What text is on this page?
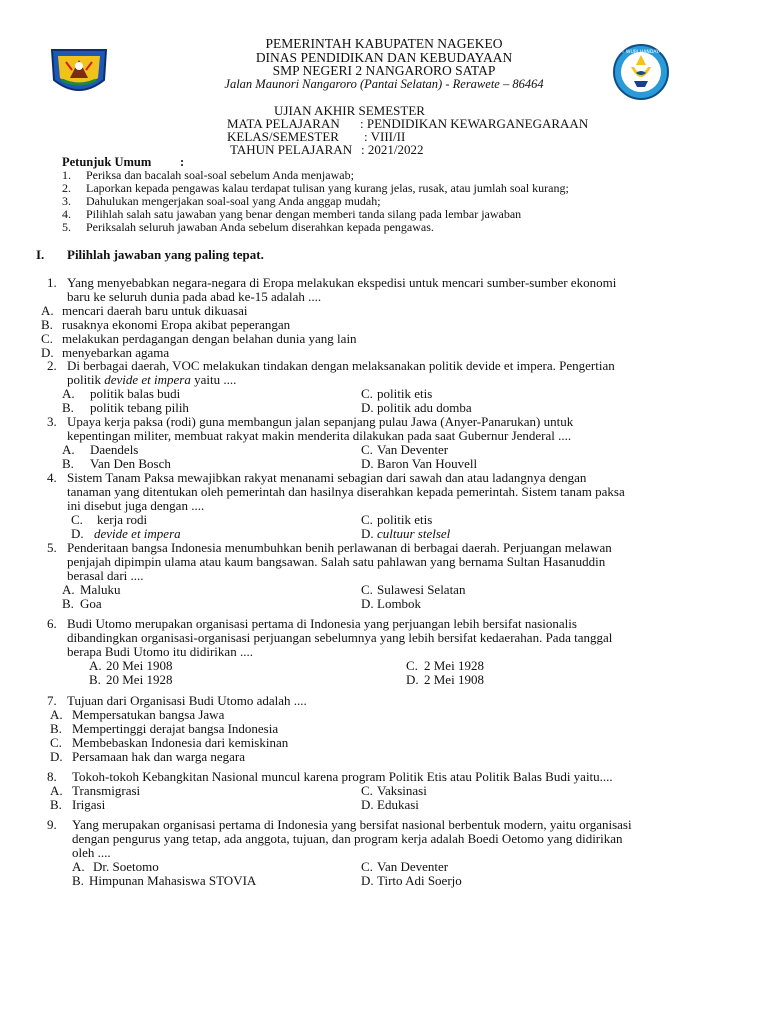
TUT WURI HANDAYANI
PEMERINTAH KABUPATEN NAGEKEO
DINAS PENDIDIKAN DAN KEBUDAYAAN
SMP NEGERI 2 NANGARORO SATAP
Jalan Maunori Nangaroro (Pantai Selatan) - Rerawete – 86464
UJIAN AKHIR SEMESTER
MATA PELAJARAN : PENDIDIKAN KEWARGANEGARAAN
KELAS/SEMESTER : VIII/II
TAHUN PELAJARAN : 2021/2022
Petunjuk Umum :
1. Periksa dan bacalah soal-soal sebelum Anda menjawab;
2. Laporkan kepada pengawas kalau terdapat tulisan yang kurang jelas, rusak, atau jumlah soal kurang;
3. Dahulukan mengerjakan soal-soal yang Anda anggap mudah;
4. Pilihlah salah satu jawaban yang benar dengan memberi tanda silang pada lembar jawaban
5. Periksalah seluruh jawaban Anda sebelum diserahkan kepada pengawas.
I. Pilihlah jawaban yang paling tepat.
1. Yang menyebabkan negara-negara di Eropa melakukan ekspedisi untuk mencari sumber-sumber ekonomi
baru ke seluruh dunia pada abad ke-15 adalah ....
A. mencari daerah baru untuk dikuasai
B. rusaknya ekonomi Eropa akibat peperangan
C. melakukan perdagangan dengan belahan dunia yang lain
D. menyebarkan agama
2. Di berbagai daerah, VOC melakukan tindakan dengan melaksanakan politik devide et impera. Pengertian
politik devide et impera yaitu ....
A. politik balas budi
B. politik tebang pilih
C. politik etis
D. politik adu domba
3. Upaya kerja paksa (rodi) guna membangun jalan sepanjang pulau Jawa (Anyer-Panarukan) untuk
kepentingan militer, membuat rakyat makin menderita dilakukan pada saat Gubernur Jenderal ....
A. Daendels
B. Van Den Bosch
C. Van Deventer
D. Baron Van Houvell
4. Sistem Tanam Paksa mewajibkan rakyat menanami sebagian dari sawah dan atau ladangnya dengan
tanaman yang ditentukan oleh pemerintah dan hasilnya diserahkan kepada pemerintah. Sistem tanam paksa
ini disebut juga dengan ....
C. kerja rodi
D. devide et impera
C. politik etis
D. cultuur stelsel
5. Penderitaan bangsa Indonesia menumbuhkan benih perlawanan di berbagai daerah. Perjuangan melawan
penjajah dipimpin ulama atau kaum bangsawan. Salah satu pahlawan yang bernama Sultan Hasanuddin
berasal dari ....
A. Maluku
B. Goa
C. Sulawesi Selatan
D. Lombok
6. Budi Utomo merupakan organisasi pertama di Indonesia yang perjuangan lebih bersifat nasionalis
dibandingkan organisasi-organisasi perjuangan sebelumnya yang lebih bersifat kedaerahan. Pada tanggal
berapa Budi Utomo itu didirikan ....
A. 20 Mei 1908
B. 20 Mei 1928
C. 2 Mei 1928
D. 2 Mei 1908
7. Tujuan dari Organisasi Budi Utomo adalah ....
A. Mempersatukan bangsa Jawa
B. Mempertinggi derajat bangsa Indonesia
C. Membebaskan Indonesia dari kemiskinan
D. Persamaan hak dan warga negara
8. Tokoh-tokoh Kebangkitan Nasional muncul karena program Politik Etis atau Politik Balas Budi yaitu....
A. Transmigrasi
B. Irigasi
C. Vaksinasi
D. Edukasi
9. Yang merupakan organisasi pertama di Indonesia yang bersifat nasional berbentuk modern, yaitu organisasi
dengan pengurus yang tetap, ada anggota, tujuan, dan program kerja adalah Boedi Oetomo yang didirikan
oleh ....
A. Dr. Soetomo
B. Himpunan Mahasiswa STOVIA
C. Van Deventer
D. Tirto Adi Soerjo
